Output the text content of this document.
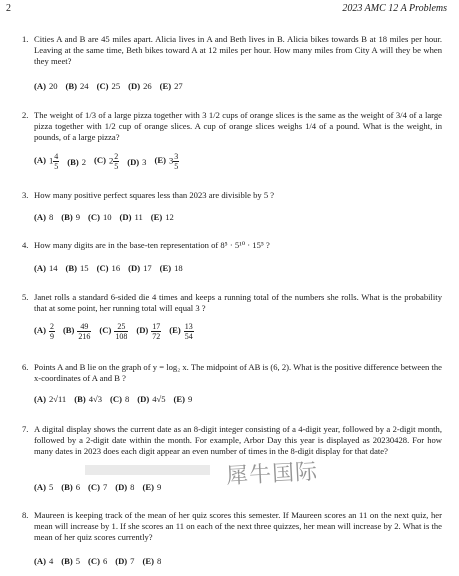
2	2023 AMC 12 A Problems
1. Cities A and B are 45 miles apart. Alicia lives in A and Beth lives in B. Alicia bikes towards B at 18 miles per hour. Leaving at the same time, Beth bikes toward A at 12 miles per hour. How many miles from City A will they be when they meet?
(A) 20 (B) 24 (C) 25 (D) 26 (E) 27
2. The weight of 1/3 of a large pizza together with 3 1/2 cups of orange slices is the same as the weight of 3/4 of a large pizza together with 1/2 cup of orange slices. A cup of orange slices weighs 1/4 of a pound. What is the weight, in pounds, of a large pizza?
(A) $1 \frac{4}{5} (B)$ 2 (C) $2 \frac{2}{5} (D)$ 3 (E) $3 \frac{3}{5}$
3. How many positive perfect squares less than 2023 are divisible by 5 ?
(A) 8 (B) 9 (C) 10 (D) 11 (E) 12
4. How many digits are in the base-ten representation of 8⁵ · 5¹⁰ · 15⁵ ?
(A) 14 (B) 15 (C) 16 (D) 17 (E) 18
5. Janet rolls a standard 6-sided die 4 times and keeps a running total of the numbers she rolls. What is the probability that at some point, her running total will equal 3 ?
$(A) \frac{2}{9} (B) \frac{49}{216} (C) \frac{25}{108} (D) \frac{17}{72} (E) \frac{13}{54}$
6. Points A and B lie on the graph of y = log₂ x. The midpoint of AB is (6, 2). What is the positive difference between the x-coordinates of A and B ?
(A) 2√11 (B) 4√3 (C) 8 (D) 4√5 (E) 9
7. A digital display shows the current date as an 8-digit integer consisting of a 4-digit year, followed by a 2-digit month, followed by a 2-digit date within the month. For example, Arbor Day this year is displayed as 20230428. For how many dates in 2023 does each digit appear an even number of times in the 8-digit display for that date?
(A) 5 (B) 6 (C) 7 (D) 8 (E) 9
8. Maureen is keeping track of the mean of her quiz scores this semester. If Maureen scores an 11 on the next quiz, her mean will increase by 1. If she scores an 11 on each of the next three quizzes, her mean will increase by 2. What is the mean of her quiz scores currently?
(A) 4 (B) 5 (C) 6 (D) 7 (E) 8
犀牛国际
